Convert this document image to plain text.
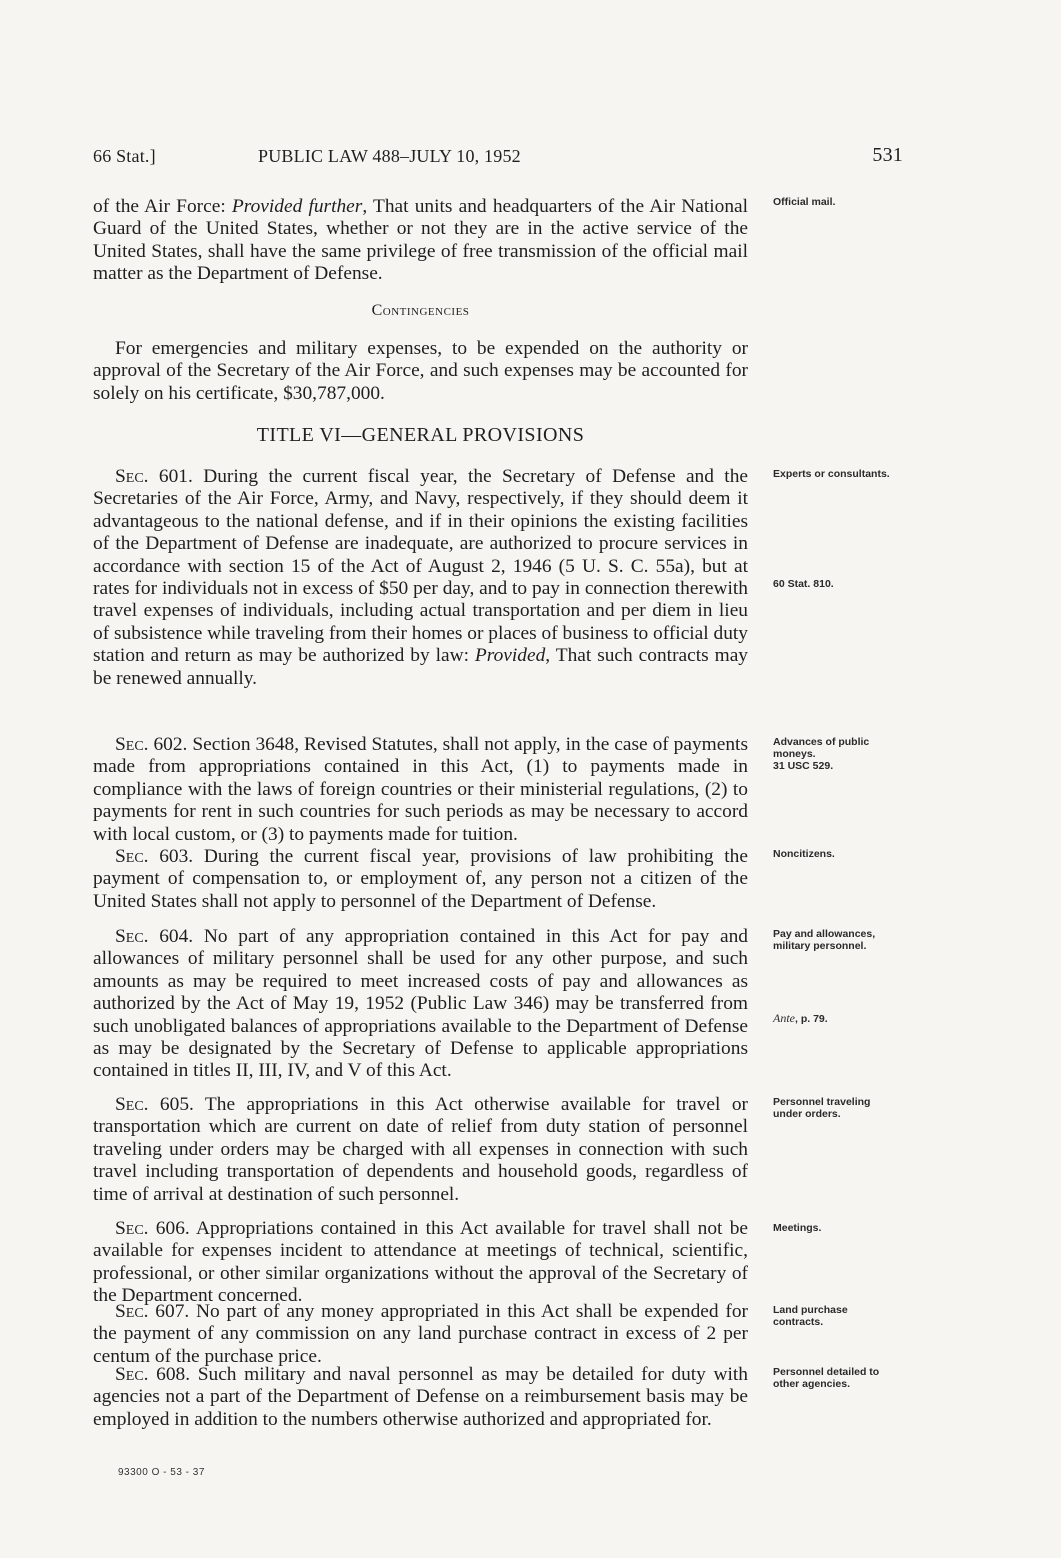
66 Stat.]	PUBLIC LAW 488–JULY 10, 1952	531

of the Air Force: Provided further, That units and headquarters of the Air National Guard of the United States, whether or not they are in the active service of the United States, shall have the same privilege of free transmission of the official mail matter as the Department of Defense.

Contingencies

For emergencies and military expenses, to be expended on the authority or approval of the Secretary of the Air Force, and such expenses may be accounted for solely on his certificate, $30,787,000.

TITLE VI—GENERAL PROVISIONS

Sec. 601. During the current fiscal year, the Secretary of Defense and the Secretaries of the Air Force, Army, and Navy, respectively, if they should deem it advantageous to the national defense, and if in their opinions the existing facilities of the Department of Defense are inadequate, are authorized to procure services in accordance with section 15 of the Act of August 2, 1946 (5 U. S. C. 55a), but at rates for individuals not in excess of $50 per day, and to pay in connection therewith travel expenses of individuals, including actual transportation and per diem in lieu of subsistence while traveling from their homes or places of business to official duty station and return as may be authorized by law: Provided, That such contracts may be renewed annually.

Sec. 602. Section 3648, Revised Statutes, shall not apply, in the case of payments made from appropriations contained in this Act, (1) to payments made in compliance with the laws of foreign countries or their ministerial regulations, (2) to payments for rent in such countries for such periods as may be necessary to accord with local custom, or (3) to payments made for tuition.

Sec. 603. During the current fiscal year, provisions of law prohibiting the payment of compensation to, or employment of, any person not a citizen of the United States shall not apply to personnel of the Department of Defense.

Sec. 604. No part of any appropriation contained in this Act for pay and allowances of military personnel shall be used for any other purpose, and such amounts as may be required to meet increased costs of pay and allowances as authorized by the Act of May 19, 1952 (Public Law 346) may be transferred from such unobligated balances of appropriations available to the Department of Defense as may be designated by the Secretary of Defense to applicable appropriations contained in titles II, III, IV, and V of this Act.

Sec. 605. The appropriations in this Act otherwise available for travel or transportation which are current on date of relief from duty station of personnel traveling under orders may be charged with all expenses in connection with such travel including transportation of dependents and household goods, regardless of time of arrival at destination of such personnel.

Sec. 606. Appropriations contained in this Act available for travel shall not be available for expenses incident to attendance at meetings of technical, scientific, professional, or other similar organizations without the approval of the Secretary of the Department concerned.

Sec. 607. No part of any money appropriated in this Act shall be expended for the payment of any commission on any land purchase contract in excess of 2 per centum of the purchase price.

Sec. 608. Such military and naval personnel as may be detailed for duty with agencies not a part of the Department of Defense on a reimbursement basis may be employed in addition to the numbers otherwise authorized and appropriated for.

Official mail.
Experts or consultants.
60 Stat. 810.
Advances of public moneys.
31 USC 529.
Noncitizens.
Pay and allowances, military personnel.
Ante, p. 79.
Personnel traveling under orders.
Meetings.
Land purchase contracts.
Personnel detailed to other agencies.
93300 O - 53 - 37
